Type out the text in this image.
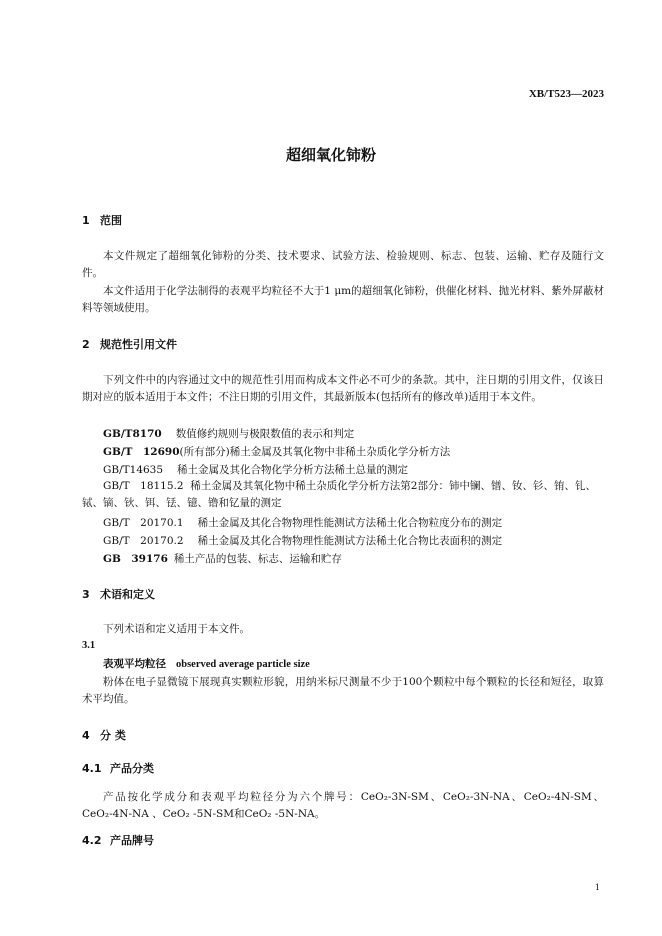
XB/T523—2023
超细氧化铈粉
1 范围
本文件规定了超细氧化铈粉的分类、技术要求、试验方法、检验规则、标志、包装、运输、贮存及随行文件。
本文件适用于化学法制得的表观平均粒径不大于1 μm的超细氧化铈粉，供催化材料、抛光材料、紫外屏蔽材料等领域使用。
2 规范性引用文件
下列文件中的内容通过文中的规范性引用而构成本文件必不可少的条款。其中，注日期的引用文件，仅该日期对应的版本适用于本文件；不注日期的引用文件，其最新版本(包括所有的修改单)适用于本文件。
GB/T8170 数值修约规则与极限数值的表示和判定
GB/T　12690(所有部分)稀土金属及其氧化物中非稀土杂质化学分析方法
GB/T14635 稀土金属及其化合物化学分析方法稀土总量的测定
GB/T　18115.2 稀土金属及其氧化物中稀土杂质化学分析方法第2部分：铈中镧、镨、钕、钐、铕、钆、铽、镝、钬、铒、铥、镱、镥和钇量的测定
GB/T　20170.1 稀土金属及其化合物物理性能测试方法稀土化合物粒度分布的测定
GB/T　20170.2 稀土金属及其化合物物理性能测试方法稀土化合物比表面积的测定
GB　39176 稀土产品的包装、标志、运输和贮存
3 术语和定义
下列术语和定义适用于本文件。
3.1
表观平均粒径 observed average particle size
粉体在电子显微镜下展现真实颗粒形貌，用纳米标尺测量不少于100个颗粒中每个颗粒的长径和短径，取算术平均值。
4 分 类
4.1 产品分类
产品按化学成分和表观平均粒径分为六个牌号：CeO₂-3N-SM、CeO₂-3N-NA、CeO₂-4N-SM、CeO₂-4N-NA 、CeO₂ -5N-SM和CeO₂ -5N-NA。
4.2 产品牌号
1
